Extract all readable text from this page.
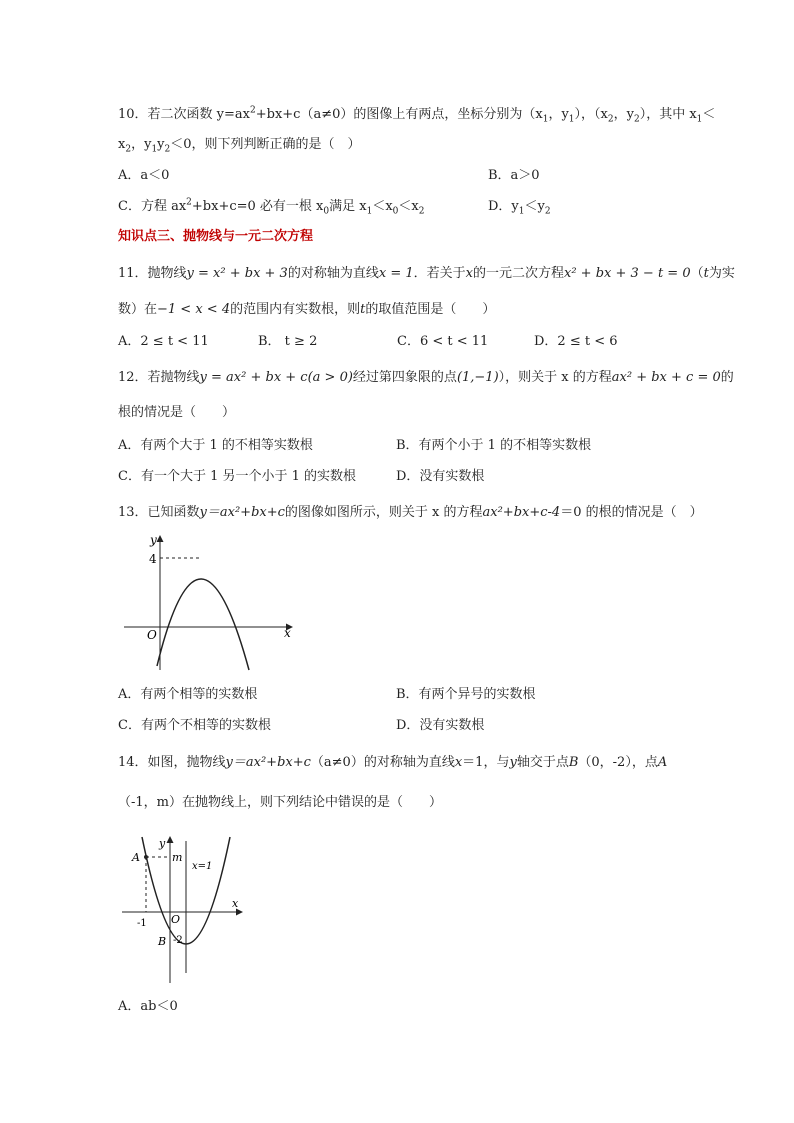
10．若二次函数 $y=ax^2+bx+c(a\ne 0)$的图像上有两点，坐标分别为（$x_1$，$y_1$），（$x_2$，$y_2$），其中 $x_1<$
$x_2$，$y_1y_2<0$，则下列判断正确的是（　）
A．a＜0	B．a＞0
C．方程 $ax^2+bx+c=0$ 必有一根 $x_0$满足 $x_1<x_0<x_2$	D．$y_1<y_2$
知识点三、抛物线与一元二次方程
11．抛物线y = x² + bx + 3的对称轴为直线x = 1．若关于x的一元二次方程x² + bx + 3 − t = 0（t为实
数）在−1 < x < 4的范围内有实数根，则t的取值范围是（　　）
A．2 ≤ t < 11	B． t ≥ 2	C．6 < t < 11	D．2 ≤ t < 6
12．若抛物线y = ax² + bx + c(a > 0)经过第四象限的点(1,−1)），则关于 x 的方程ax² + bx + c = 0的
根的情况是（　　）
A．有两个大于 1 的不相等实数根	B．有两个小于 1 的不相等实数根
C．有一个大于 1 另一个小于 1 的实数根	D．没有实数根
13．已知函数y＝ax²+bx+c的图像如图所示，则关于 x 的方程ax²+bx+c-4＝0 的根的情况是（　）
y
x
O
4
A．有两个相等的实数根	B．有两个异号的实数根
C．有两个不相等的实数根	D．没有实数根
14．如图，抛物线y＝ax²+bx+c（a≠0）的对称轴为直线x＝1，与y轴交于点B（0，-2），点A
（-1，m）在抛物线上，则下列结论中错误的是（　　）
y
x
O
A
B
m
x=1
-1
-2
A．ab＜0
